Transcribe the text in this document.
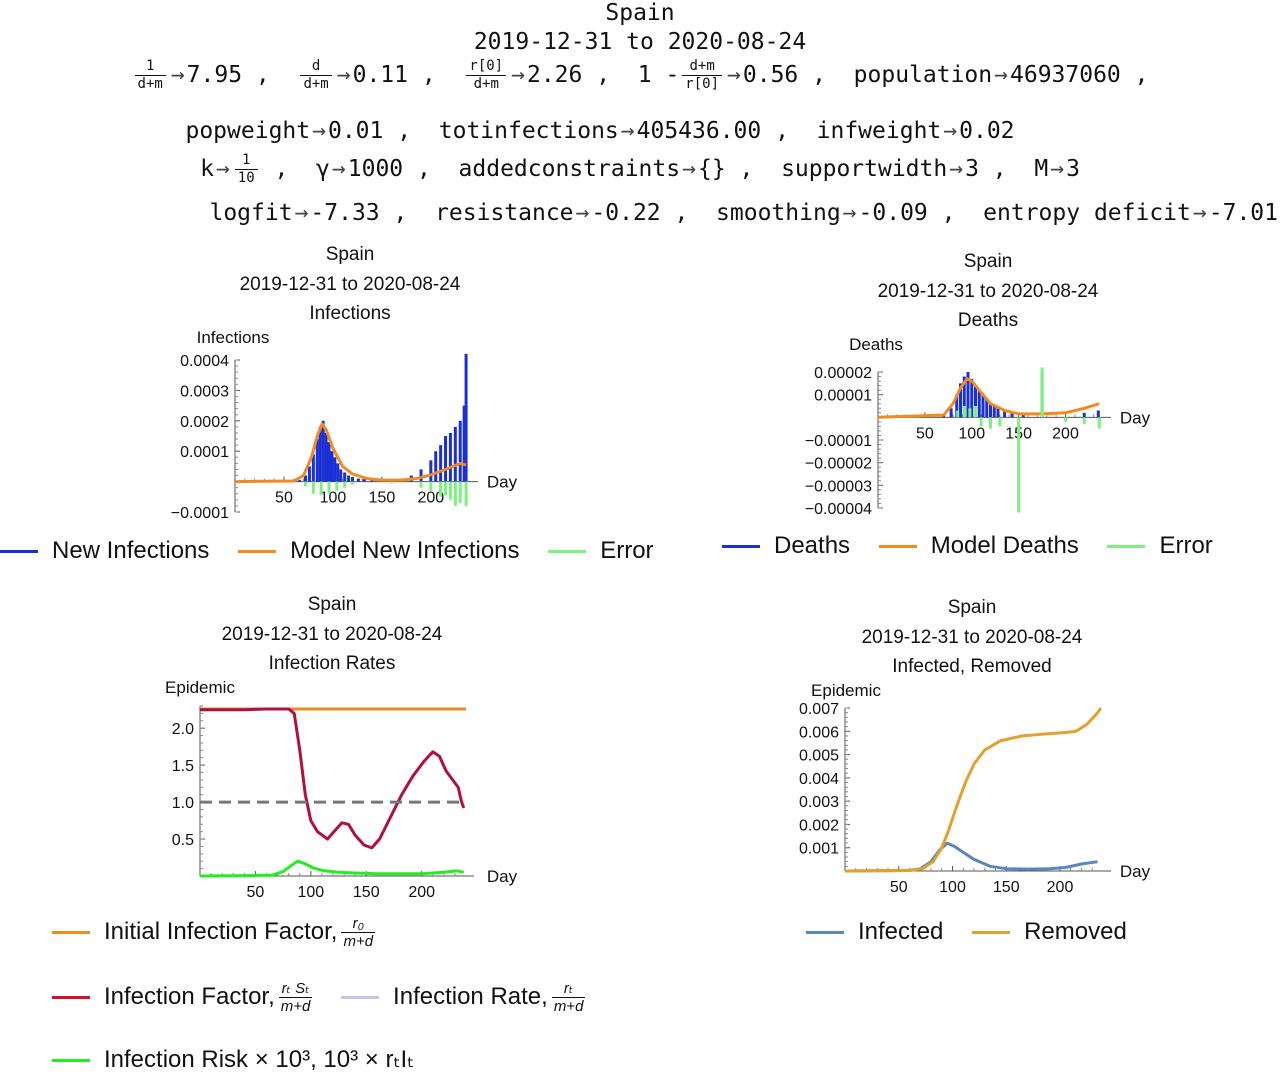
Spain
2019-12-31 to 2020-08-24
$\frac{1}{d+m} \to 7.95$ , $\frac{d}{d+m} \to 0.11$ , $\frac{r[0]}{d+m} \to 2.26$ ,  $1 - \frac{d+m}{r[0]} \to 0.56$ ,  population→46937060 ,
popweight→0.01 ,  totinfections→405436.00 ,  infweight→0.02
$k\to \frac{1}{10}$ ,  γ→1000 ,  addedconstraints→{} ,  supportwidth→3 ,  M→3
logfit→-7.33 ,  resistance→-0.22 ,  smoothing→-0.09 ,  entropy deficit→-7.01
Spain
2019-12-31 to 2020-08-24
Infections
Infections
Day
50 100 150 200
−0.0001
0.0001
0.0002
0.0003
0.0004
Spain
2019-12-31 to 2020-08-24
Deaths
Deaths
Day
50 100 150 200
−0.00004
−0.00003
−0.00002
−0.00001
0.00001
0.00002
Spain
2019-12-31 to 2020-08-24
Infection Rates
Epidemic
Day
50 100 150 200
0.5
1.0
1.5
2.0
Spain
2019-12-31 to 2020-08-24
Infected, Removed
Epidemic
Day
50 100 150 200
0.001
0.002
0.003
0.004
0.005
0.006
0.007
New Infections	Model New Infections	Error	Deaths	Model Deaths	Error
Initial Infection Factor, $\frac{\text{r₀}}{m+d}$
Infection Factor, $\frac{\text{rₜ Sₜ}}{m+d}$	Infection Rate, $\frac{\text{rₜ}}{m+d}$
Infection Risk × 10³, 10³ × rₜIₜ
Infected	Removed
